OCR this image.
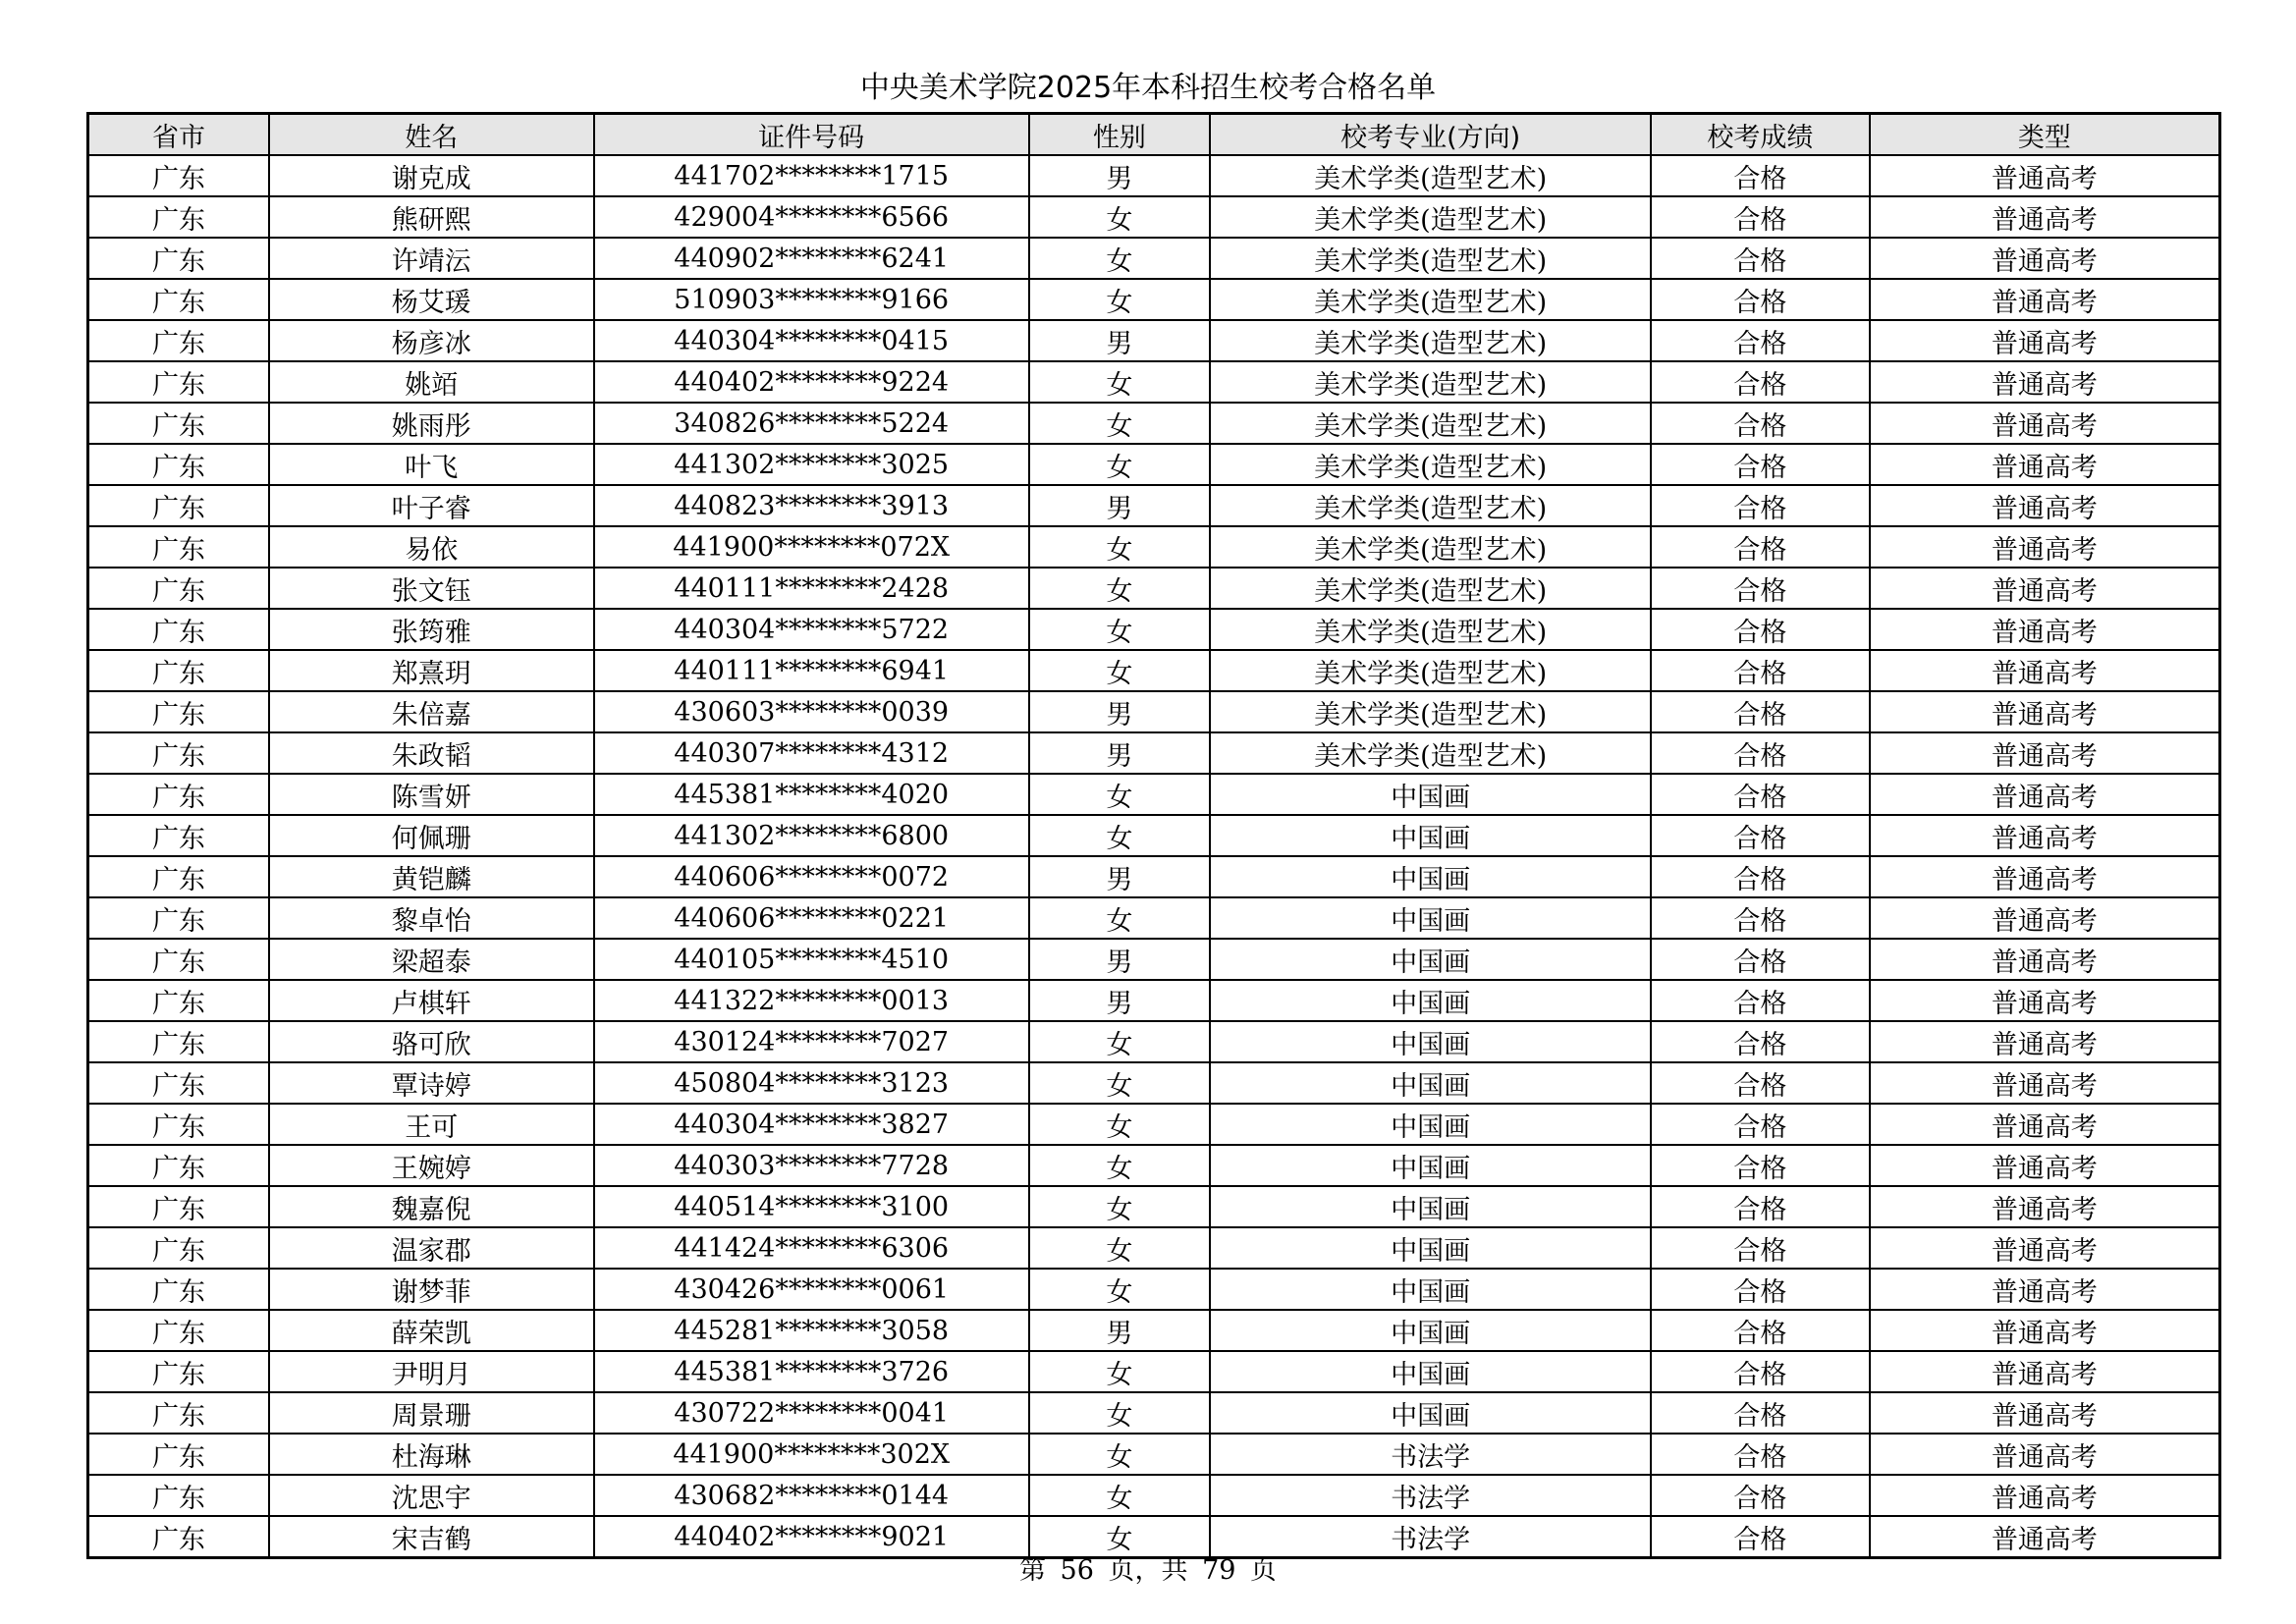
中央美术学院2025年本科招生校考合格名单
省市	姓名	证件号码	性别	校考专业(方向)	校考成绩	类型
广东	谢克成	441702********1715	男	美术学类(造型艺术)	合格	普通高考
广东	熊研熙	429004********6566	女	美术学类(造型艺术)	合格	普通高考
广东	许靖沄	440902********6241	女	美术学类(造型艺术)	合格	普通高考
广东	杨艾瑗	510903********9166	女	美术学类(造型艺术)	合格	普通高考
广东	杨彦冰	440304********0415	男	美术学类(造型艺术)	合格	普通高考
广东	姚竡	440402********9224	女	美术学类(造型艺术)	合格	普通高考
广东	姚雨彤	340826********5224	女	美术学类(造型艺术)	合格	普通高考
广东	叶飞	441302********3025	女	美术学类(造型艺术)	合格	普通高考
广东	叶子睿	440823********3913	男	美术学类(造型艺术)	合格	普通高考
广东	易依	441900********072X	女	美术学类(造型艺术)	合格	普通高考
广东	张文钰	440111********2428	女	美术学类(造型艺术)	合格	普通高考
广东	张筠雅	440304********5722	女	美术学类(造型艺术)	合格	普通高考
广东	郑熹玥	440111********6941	女	美术学类(造型艺术)	合格	普通高考
广东	朱倍嘉	430603********0039	男	美术学类(造型艺术)	合格	普通高考
广东	朱政韬	440307********4312	男	美术学类(造型艺术)	合格	普通高考
广东	陈雪妍	445381********4020	女	中国画	合格	普通高考
广东	何佩珊	441302********6800	女	中国画	合格	普通高考
广东	黄铠麟	440606********0072	男	中国画	合格	普通高考
广东	黎卓怡	440606********0221	女	中国画	合格	普通高考
广东	梁超泰	440105********4510	男	中国画	合格	普通高考
广东	卢棋轩	441322********0013	男	中国画	合格	普通高考
广东	骆可欣	430124********7027	女	中国画	合格	普通高考
广东	覃诗婷	450804********3123	女	中国画	合格	普通高考
广东	王可	440304********3827	女	中国画	合格	普通高考
广东	王婉婷	440303********7728	女	中国画	合格	普通高考
广东	魏嘉倪	440514********3100	女	中国画	合格	普通高考
广东	温家郡	441424********6306	女	中国画	合格	普通高考
广东	谢梦菲	430426********0061	女	中国画	合格	普通高考
广东	薛荣凯	445281********3058	男	中国画	合格	普通高考
广东	尹明月	445381********3726	女	中国画	合格	普通高考
广东	周景珊	430722********0041	女	中国画	合格	普通高考
广东	杜海琳	441900********302X	女	书法学	合格	普通高考
广东	沈思宇	430682********0144	女	书法学	合格	普通高考
广东	宋吉鹤	440402********9021	女	书法学	合格	普通高考
第 56 页，共 79 页
